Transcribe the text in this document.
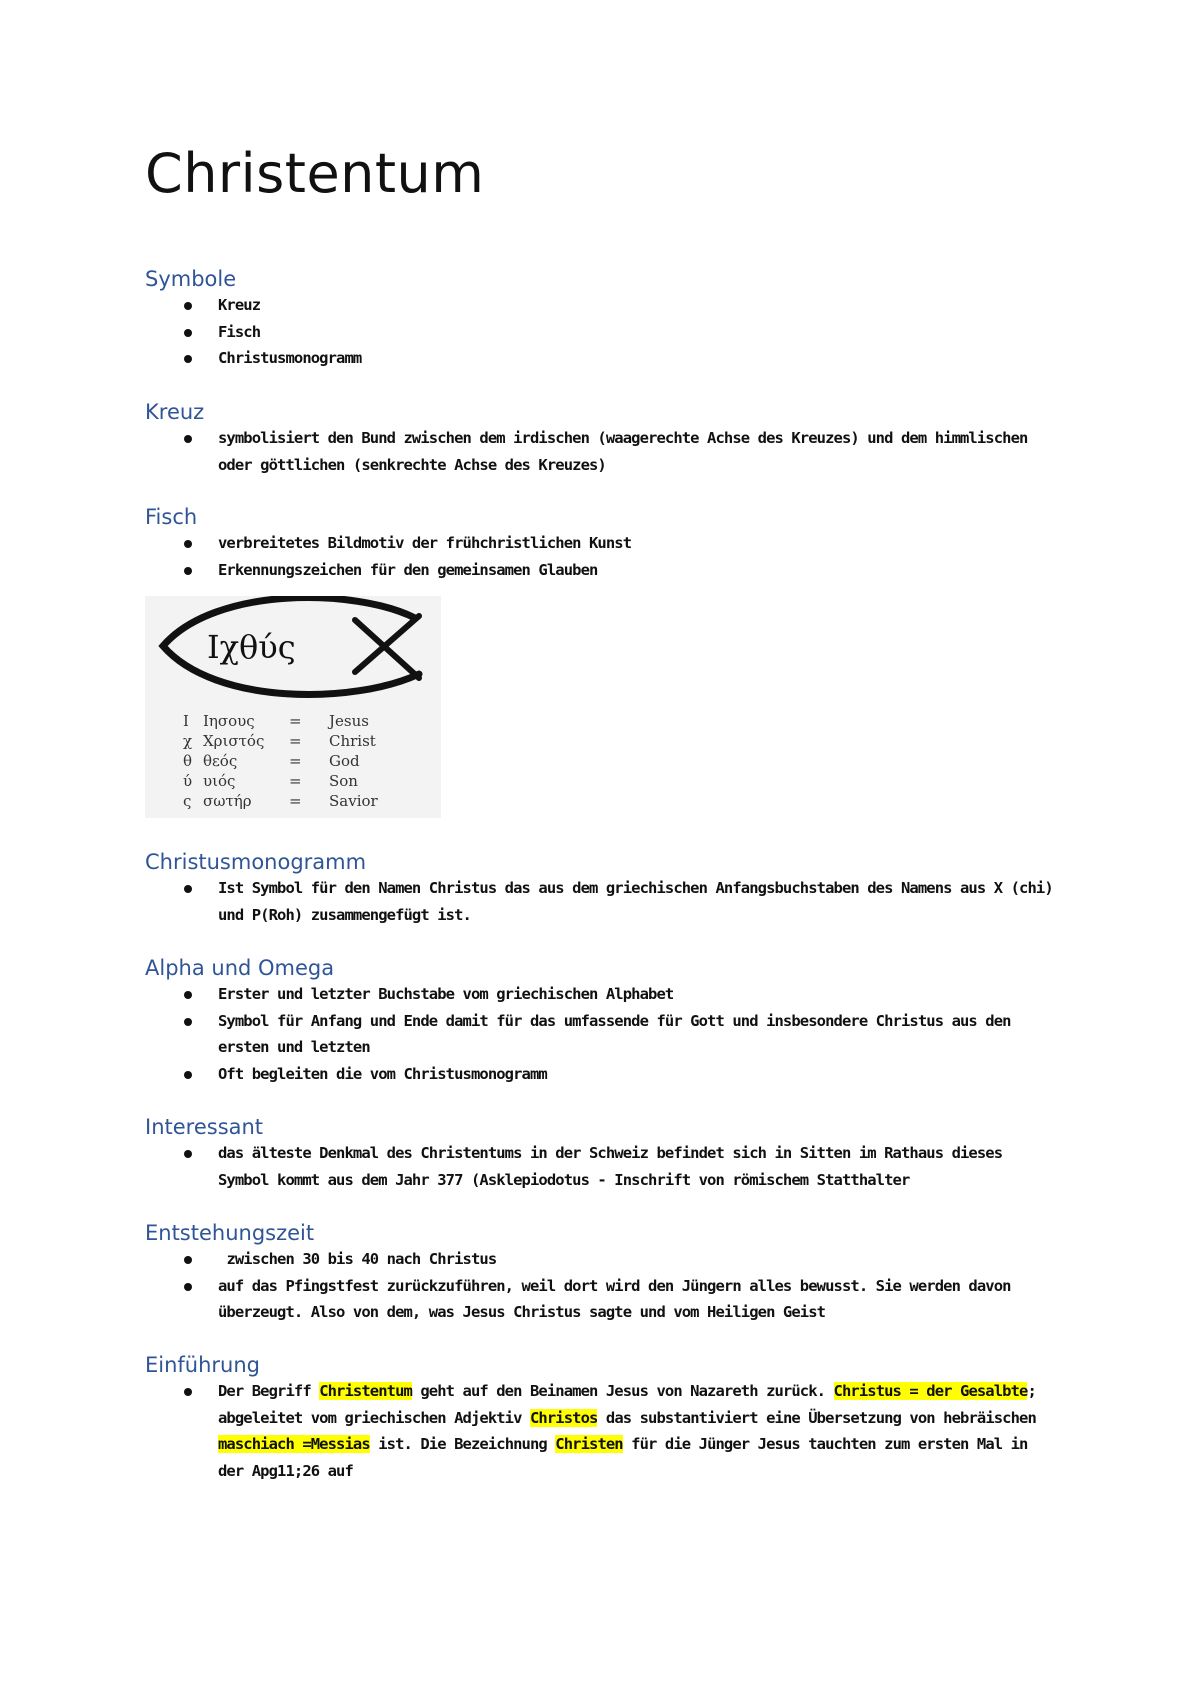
Christentum
Symbole
Kreuz
Fisch
Christusmonogramm
Kreuz
symbolisiert den Bund zwischen dem irdischen (waagerechte Achse des Kreuzes) und dem himmlischen oder göttlichen (senkrechte Achse des Kreuzes)
Fisch
verbreitetes Bildmotiv der frühchristlichen Kunst
Erkennungszeichen für den gemeinsamen Glauben
Ιχθύς
Ι Ιησους = Jesus
χ Χριστός = Christ
θ θεός	= God
ύ υιός	= Son
ς σωτήρ = Savior
Christusmonogramm
Ist Symbol für den Namen Christus das aus dem griechischen Anfangsbuchstaben des Namens aus X (chi) und P(Roh) zusammengefügt ist.
Alpha und Omega
Erster und letzter Buchstabe vom griechischen Alphabet
Symbol für Anfang und Ende damit für das umfassende für Gott und insbesondere Christus aus den ersten und letzten
Oft begleiten die vom Christusmonogramm
Interessant
das älteste Denkmal des Christentums in der Schweiz befindet sich in Sitten im Rathaus dieses Symbol kommt aus dem Jahr 377 (Asklepiodotus - Inschrift von römischem Statthalter
Entstehungszeit
zwischen 30 bis 40 nach Christus
auf das Pfingstfest zurückzuführen, weil dort wird den Jüngern alles bewusst. Sie werden davon überzeugt. Also von dem, was Jesus Christus sagte und vom Heiligen Geist
Einführung
Der Begriff Christentum geht auf den Beinamen Jesus von Nazareth zurück. Christus = der Gesalbte; abgeleitet vom griechischen Adjektiv Christos das substantiviert eine Übersetzung von hebräischen maschiach =Messias ist. Die Bezeichnung Christen für die Jünger Jesus tauchten zum ersten Mal in der Apg11;26 auf
